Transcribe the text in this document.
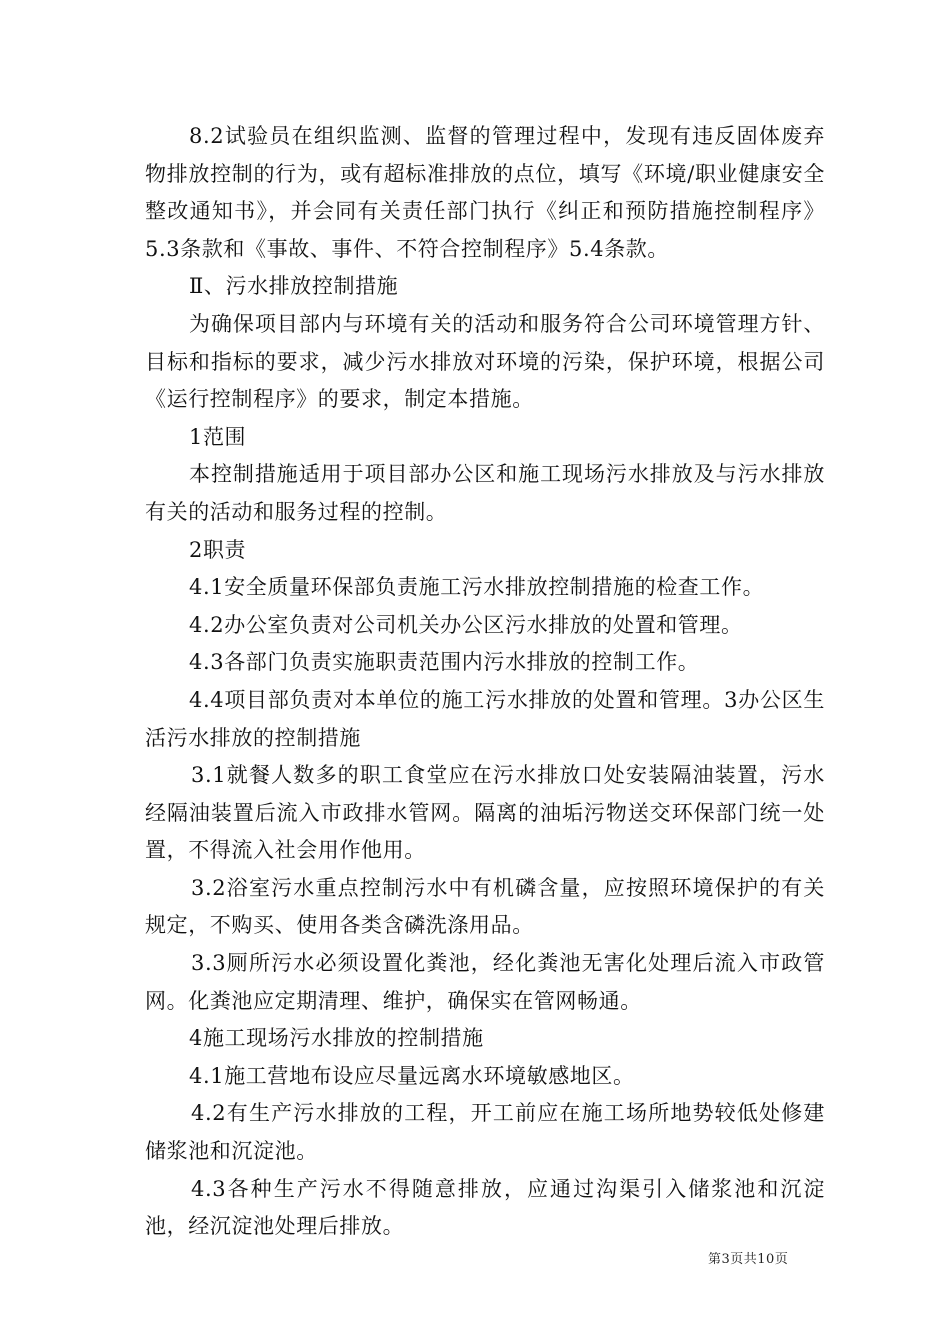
8.2试验员在组织监测、监督的管理过程中，发现有违反固体废弃物排放控制的行为，或有超标准排放的点位，填写《环境/职业健康安全整改通知书》，并会同有关责任部门执行《纠正和预防措施控制程序》5.3条款和《事故、事件、不符合控制程序》5.4条款。

Ⅱ、污水排放控制措施

为确保项目部内与环境有关的活动和服务符合公司环境管理方针、目标和指标的要求，减少污水排放对环境的污染，保护环境，根据公司《运行控制程序》的要求，制定本措施。

1范围

本控制措施适用于项目部办公区和施工现场污水排放及与污水排放有关的活动和服务过程的控制。

2职责

4.1安全质量环保部负责施工污水排放控制措施的检查工作。

4.2办公室负责对公司机关办公区污水排放的处置和管理。

4.3各部门负责实施职责范围内污水排放的控制工作。

4.4项目部负责对本单位的施工污水排放的处置和管理。3办公区生活污水排放的控制措施

3.1就餐人数多的职工食堂应在污水排放口处安装隔油装置，污水经隔油装置后流入市政排水管网。隔离的油垢污物送交环保部门统一处置，不得流入社会用作他用。

3.2浴室污水重点控制污水中有机磷含量，应按照环境保护的有关规定，不购买、使用各类含磷洗涤用品。

3.3厕所污水必须设置化粪池，经化粪池无害化处理后流入市政管网。化粪池应定期清理、维护，确保实在管网畅通。

4施工现场污水排放的控制措施

4.1施工营地布设应尽量远离水环境敏感地区。

4.2有生产污水排放的工程，开工前应在施工场所地势较低处修建储浆池和沉淀池。

4.3各种生产污水不得随意排放，应通过沟渠引入储浆池和沉淀池，经沉淀池处理后排放。

第3页共10页
